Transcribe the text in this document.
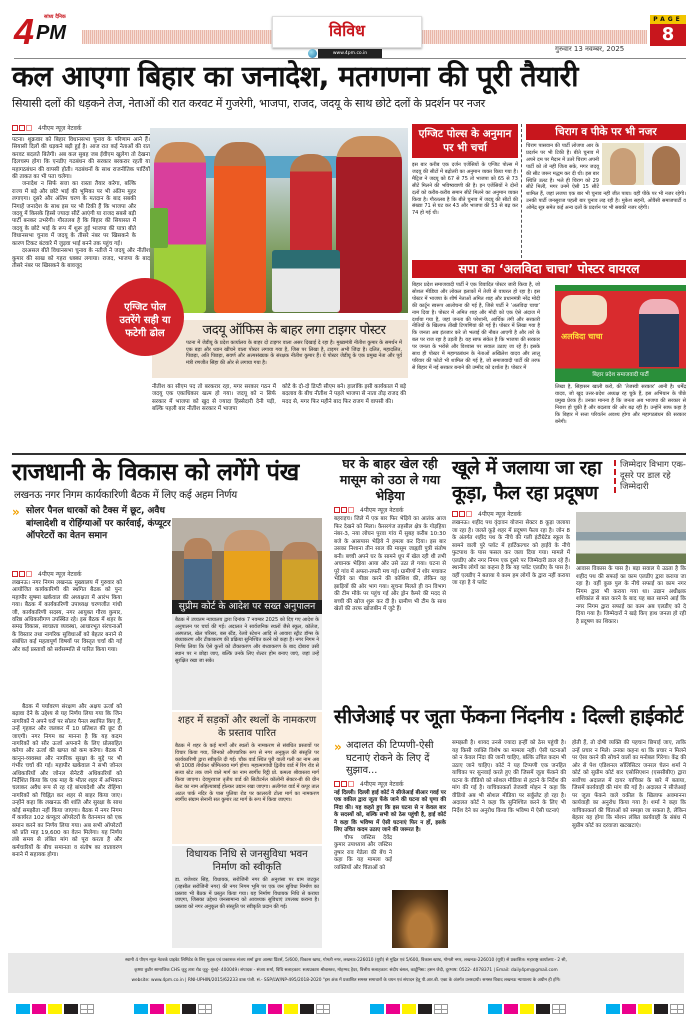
सांध्य दैनिक
4 PM	विविध
www.4pm.co.in
गुरुवार 13 नवम्बर, 2025
PAGE
8
कल आएगा बिहार का जनादेश, मतगणना की पूरी तैयारी
सियासी दलों की धड़कने तेज, नेताओं की रात करवट में गुजरेगी, भाजपा, राजद, जदयू के साथ छोटे दलों के प्रदर्शन पर नजर
4पीएम न्यूज़ नेटवर्क

पटना। शुक्रवार को बिहार विधानसभा चुनाव के परिणाम आने हैं। सियासी दिलों की धड़कने बढ़ी हुई है। आज रात कई नेताओं की रात करवट बदलते बितेगी। अब कल सुबह जब ईवीएम खुलेगा तो देखना दिलचस्प होगा कि एनडीए गठबंधन की सरकार बरकरार रहती या महागठबंधन की वापसी होती। गठबंधनों के साथ राजनीतिक पार्टियों की ताकत का भी पता चलेगा।

जनादेश न सिर्फ सत्ता का रास्ता तैयार करेगा, बल्कि राज्य में बड़े और छोटे भाई की भूमिका पर भी अंतिम मुहर लगाएगा। दूसरे और अंतिम चरण के मतदान के बाद सबकी निगाहें जनादेश के साथ इस पर भी टिकी हैं कि भाजपा और जदयू में किसके हिस्से ज्यादा सीटें आएंगी या राजद सबसे बड़ी पार्टी बनकर उभरेगी। गौरतलब है कि बिहार की सियासत में जदयू के छोटे भाई के रूप में शुरू हुई भाजपा की यात्रा बीते विधानसभा चुनाव में जदयू के तीसरे नंबर पर खिसकने के कारण टिकट बंटवारे में जुड़वा भाई बनने तक पहुंच गई।

दरअसल बीते विधानसभा चुनाव के नतीजे ने जदयू और नीतीश कुमार की साख को गहरा धक्का लगाया। राजद, भाजपा के बाद तीसरे नंबर पर खिसकने के बावजूद

जदयू ऑफिस के बाहर लगा टाइगर पोस्टर

पटना में जेडीयू के प्रदेश कार्यालय के बाहर दो टाइगर वाला असर दिखाई दे रहा है। मुख्यमंत्री नीतीश कुमार के समर्थन में एक बड़ा और ध्यान खींचने वाला पोस्टर लगाया गया है, जिस पर लिखा है, टाइगर अभी जिंदा है। दलित, महादलित, पिछड़ा, अति पिछड़ा, सवर्ण और अल्पसंख्यक के संरक्षक नीतीश कुमार हैं। ये पोस्टर जेडीयू के एक प्रमुख नेता और पूर्व मंत्री रणजीत सिंहा की ओर से लगाया गया है।

एग्जिट पोल उतरेंगे सही या फटेगी ढोल

नीतीश का सीएम पद तो बरकरार रहा, मगर सरकार गठन में जदयू एक एकाधिकार खत्म हो गया। जदयू को न सिर्फ सरकार में भाजपा को खुद से ज्यादा हिस्सेदारी देनी पड़ी, बल्कि पहली बार नीतीश सरकार में भाजपा

कोटे के दो-दो डिप्टी सीएम बने। हालांकि इसी कार्यकाल में बड़े बदलाव के बीच नीतीश ने पहले भाजपा से नाता तोड़ राजद की मदद से, मगर फिर महीने बाद फिर राजग में वापसी की।

एग्जिट पोल्स के अनुमान पर भी चर्चा

इस बार करीब एक दर्जन एजेंसियों के एग्जिट पोल्स में जदयू की सीटों में बढ़ोतरी का अनुमान व्यक्त किया गया है। मैट्रिज ने जदयू को 67 से 75 तो भाजपा को 65 से 73 सीटें मिलने की भविष्यवाणी की है। इन एजेंसियों ने दोनों दलों को करीब-करीब समान सीटें मिलने का अनुमान व्यक्त किया है। गौरतलब है कि बीते चुनाव में जदयू की सीटों की संख्या 71 से घट कर 43 और भाजपा की 53 से बढ़ कर 74 हो गई थी।

चिराग व पीके पर भी नजर

चिराग पासवान की पार्टी लोजपा आर के प्रदर्शन पर भी टिकी है। बीते चुनाव में अपने दम पर मैदान में उतरे चिराग अपनी पार्टी को तो नहीं जिता सके, मगर जदयू की सीट जरूर मद्धम कर दी थी। इस बार स्थिति उलट है। भले ही चिराग को 29 सीटें मिलीं, मगर उनमें ऐसी 15 सीटें शामिल हैं, जहां लजपा एक बार भी चुनाव नहीं जीत पाया। वहीं पीके पर भी नजर रहेगी। उनकी पार्टी जनसुराज पहली बार चुनाव लड़ रही है। मुकेश सहनी, ओवैसी समाजपार्टी व ओमेंद्र सूत्र समेत कई अन्य दलों के प्रदर्शन पर भी सबकी नजर रहेगी।

सपा का ‘अलविदा चाचा’ पोस्टर वायरल

बिहार प्रदेश समाजवादी पार्टी ने एक विवादित पोस्टर जारी किया है, जो सोशल मीडिया और लोकल इलाकों में तेजी से वायरल हो रहा है। इस पोस्टर में भाजपा के शीर्ष नेताओं अमित शाह और प्रधानमंत्री नरेंद्र मोदी की कार्टून स्वरूप आलोचना की गई है, जिसे पार्टी ने ‘अलविदा चाचा’ नाम दिया है। पोस्टर में अमित शाह और मोदी को एक ऐसे अंदाज में दर्शाया गया है, जहां जनता की परेशानी, आर्थिक तंगी और सरकारी नीतियों के खिलाफ तीखी टिप्पणियां की गई हैं। पोस्टर में लिखा गया है कि जनता अब इंतजार करे तो भलाई की नौबत आएगी है और तारे के बल पर राज रहा है उड़ती है। यह साफ संकेत है कि भाजपा की सरकार पर जनता के भरोसे और विश्वास पर सवाल उठाए जा रहे हैं। इसके साथ ही पोस्टर में महागठबंधन के नेताओं अखिलेश यादव और लालू परिवार की फोटो भी शामिल की गई है, जो समाजवादी पार्टी की तरफ से बिहार में नई सरकार बनाने की उम्मीद को दर्शाता है। पोस्टर में

अलविदा चाचा
बिहार प्रदेश समाजवादी पार्टी

लिखा है, सिंहासन खाली करो, की ‘तेजस्वी सरकार’ आनी है। धर्मेंद्र यादव, जो खुद उत्तर-प्रदेश अध्यक्ष रह चुके हैं, इस अभियान के पीछे प्रमुख प्रेरक हैं। उनका मानना है कि जनता अब भाजपा की सरकार से निराश हो चुकी है और बदलाव की ओर बढ़ रही है। उन्होंने साफ कहा है कि बिहार में सत्ता परिवर्तन अवश्य होगा और महागठबंधन की सरकार बनेगी।

राजधानी के विकास को लगेंगे पंख
लखनऊ नगर निगम कार्यकारिणी बैठक में लिए कई अहम निर्णय
» सोलर पैनल धारकों को टैक्स में छूट, अवैध बांग्लादेशी व रोहिंग्याओं पर कार्रवाई, कंप्यूटर ऑपरेटरों का वेतन समान
4पीएम न्यूज़ नेटवर्क

लखनऊ। नगर निगम लखनऊ मुख्यालय में गुरुवार को आयोजित कार्यकारिणी की स्थगित बैठक को पुनः महापौर सुषमा खर्कवाल की अध्यक्षता में आरंभ किया गया। बैठक में कार्यकारिणी उपाध्यक्ष चरणजीत गांधी जी, कार्यकारिणी सदस्य, नगर आयुक्त गौरव कुमार, वरिष्ठ अधिकारीगण उपस्थित रहे। इस बैठक में शहर के समग्र विकास, स्वच्छता व्यवस्था, आधारभूत संरचनाओं के विस्तार तथा नागरिक सुविधाओं को बेहतर बनाने से संबंधित कई महत्वपूर्ण विषयों पर विस्तृत चर्चा की गई और कई प्रस्तावों को सर्वसम्मति से पारित किया गया।

बैठक में पर्यावरण संरक्षण और अक्षय ऊर्जा को बढ़ावा देने के उद्देश्य से यह निर्णय लिया गया कि जिन नागरिकों ने अपने घरों पर सोलर पैनल स्थापित किए हैं, उन्हें गृहकर और जलकर में 10 प्रतिशत की छूट दी जाएगी। नगर निगम का मानना है कि यह कदम नागरिकों को सौर ऊर्जा अपनाने के लिए प्रोत्साहित करेगा और ऊर्जा की खपत को कम करेगा। बैठक में कानून-व्यवस्था और नागरिक सुरक्षा के मुद्दे पर भी गंभीर चर्चा की गई। महापौर खर्कवाल ने सभी जोनल अधिकारियों और जोनल सेनेटरी अधिकारियों को निर्देशित किया कि एक माह के भीतर शहर में अभियान चलाकर अवैध रूप से रह रहे बांग्लादेशी और रोहिंग्या नागरिकों को चिह्नित कर शहर से बाहर किया जाए। उन्होंने कहा कि लखनऊ की शांति और सुरक्षा के साथ कोई समझौता नहीं किया जाएगा। बैठक में नगर निगम में कार्यरत 102 कंप्यूटर ऑपरेटरों के वेतनमान को एक समान करने का निर्णय लिया गया। अब सभी ऑपरेटरों को प्रति माह 19,600 का वेतन मिलेगा। यह निर्णय लंबे समय से लंबित मांग को पूरा करता है और कर्मचारियों के बीच समानता व संतोष का वातावरण बनाने में सहायक होगा।

सुप्रीम कोर्ट के आदेश पर सख्त अनुपालन

बैठक में उच्चतम न्यायालय द्वारा दिनांक 7 नवम्बर 2025 को दिए गए आदेश के अनुपालन पर चर्चा की गई। अदालत ने सार्वजनिक स्थलों जैसे स्कूल, कॉलेज, अस्पताल, खेल परिसर, बस स्टैंड, रेलवे स्टेशन आदि से आवारा स्ट्रीट डॉग्स के बंध्याकरण और टीकाकरण की प्रक्रिया सुनिश्चित करने को कहा है। नगर निगम ने निर्णय लिया कि ऐसे कुत्तों को टीकाकरण और बंध्याकरण के बाद दोबारा उसी स्थान पर न छोड़ा जाए, बल्कि उनके लिए शेल्टर होम बनाए जाएं, जहां उन्हें सुरक्षित रखा जा सके।

शहर में सड़कों और स्थलों के नामकरण के प्रस्ताव पारित

बैठक में शहर के कई मार्गों और स्थलों के नामकरण से संबंधित प्रस्तावों पर विचार किया गया, जिनको औपचारिक रूप से नगर अनुकूल की संस्तुति पर कार्यकारिणी द्वारा स्वीकृति दी गई। चौक वार्ड स्थित पुरी वाली गली का नाम अब श्री 1008 तीर्थंकर श्रीमितराय मार्ग होगा। महात्मागांधी द्वितीय वार्ड में रिंग रोड से सत्या स्टेट तक जाने वाले मार्ग का नाम स्वर्गीय रिट्ठी प्रो. कमला श्रीवास्तव मार्ग किया जाएगा। देवपुरवाज तृतीय वार्ड की सिटीटर्नल कॉलोनी सेक्टर-बी की ग्रीन बेल्ट का नाम अहिल्याबाई होल्कर उद्यान रखा जाएगा। अलीगंज वार्ड में कपूर ताल अटल पार्क नदिर के पास पुलिया रोड पर कालरती टोला मार्ग का नामकरण स्वर्गीय संग्राम सेनानी सत कुमार तट मार्ग के रूप में किया जाएगा।

विधायक निधि से जनसुविधा भवन निर्माण को स्वीकृति

डा. राजेश्वर सिंह, विधायक, सरोजिनी नगर की अनुशंसा पर ग्राम जटकुर (तहसील सरोजिनी नगर) की नगर निगम भूमि पर एक जन सुविधा निर्माण का प्रस्ताव भी बैठक में प्रस्तुत किया गया। यह निर्माण विधायक निधि से कराया जाएगा, जिसका उद्देश्य जनसामान्य को आवश्यक सुविधाएं उपलब्ध कराना है। प्रस्ताव को नगर अनुकूल की संस्तुति पर स्वीकृति प्रदान की गई।

घर के बाहर खेल रही मासूम को उठा ले गया भेड़िया
4पीएम न्यूज़ नेटवर्क

बहराइच। जिले में एक बार फिर भेड़िये का आतंक आज फिर देखने को मिला। कैसरगंज तहसील क्षेत्र के गोड़हिया नंबर-3, नया लोघन पुरवा गांव में सुबह करीब 10:30 बजे के आसपास भेड़िये ने हमला कर दिया। इस बार उसका निशाना तीन साल की मासूम जाह्नवी पुत्री संतोष बनी। बच्ची अपने घर के सामने धूप में खेल रही थी तभी अचानक भेड़िया आया और उसे उठा ले गया। घटना से पूरे गांव में अफरा-तफरी मच गई। ग्रामीणों ने शोर मचाकर भेड़िये का पीछा करने की कोशिश की, लेकिन वह झाड़ियों की ओर भाग गया। सूचना मिलते ही वन विभाग की टीम मौके पर पहुंच गई और ड्रोन कैमरे की मदद से बच्ची की खोज शुरू कर दी है। ग्रामीण भी टीम के साथ खेतों की तरफ खोजबीन में जुटे हैं।

खूले में जलाया जा रहा कूड़ा, फैल रहा प्रदूषण
जिम्मेदार विभाग एक-दूसरे पर डाल रहे जिम्मेदारी
4पीएम न्यूज़ नेटवर्क

लखनऊ। शहीद पथ वृंदावन योजना सेक्टर 8 कूड़ा जलाया जा रहा है। जलते कूड़े शहर में प्रदूषण फैला रहा है। जोन 8 के अंतर्गत शहीद पथ के नीचे की गली इंटीग्रेटेड स्कूल के सामने वाली पुरे प्लॉट में हार्टिकल्चर को हाईवे के नीचे फुटपाथ के पास फसल कर जला दिया गया। मामले में एलडीए और नगर निगम एक दूसरे पर जिम्मेदारी डाल रहे हैं। स्थानीय लोगों का कहना है कि यह प्लॉट एलडीए के पास है। वहीं एलडीए ने बताया ये काम हम लोगों के द्वारा नहीं कराया जा रहा है ये प्लॉट

आवास विकास के पास है। बड़ा सवाल ये उठता है कि शहीद पथ की सफाई का काम एलडीए द्वारा कराया जा रहा है। वहीं कुछ पुल के नीचे सफाई का काम नगर निगम द्वारा भी कराया गया था। उद्यान अधीक्षक शशिकांत से बात करने के बाद यह बात सामने आई कि नगर निगम द्वारा सफाई का काम अब एलडीए को दे दिया गया है। जिम्मेदारों ने खड़े किए हाथ जनता हो रही है प्रदूषण का शिकार।

सीजेआई पर जूता फेंकना निंदनीय : दिल्ली हाईकोर्ट
» अदालत की टिप्पणी-ऐसी घटनाएं रोकने के लिए दें सुझाव...
4पीएम न्यूज़ नेटवर्क

नई दिल्ली। दिल्ली हाई कोर्ट ने सीजेआई बीआर गवई पर एक वकील द्वारा जूता फेंके जाने की घटना को घृणा की निंदा की। यह कहते हुए कि इस घटना से न केवल बार के सदस्यों को, बल्कि सभी को ठेस पहुंची है, हाई कोर्ट ने कहा कि भविष्य में ऐसी घटनाएं फिर न हों, इसके लिए उचित कदम उठाए जाने की जरूरत है।

चीफ जस्टिस देवेंद्र कुमार उपाध्याय और जस्टिस तुषार राव गेडेला की बेंच ने कहा कि यह मामला कई व्यक्तियों और चिंताओं को

समझती है। शायद उनसे ज्यादा इन्हीं को ठेस पहुंची है। यह किसी व्यक्ति विशेष का मामला नहीं। ऐसी घटनाओं को न केवल निंदा की जानी चाहिए, बल्कि उचित कदम भी उठाए जाने चाहिए। कोर्ट ने यह टिप्पणी एक जनहित याचिका पर सुनवाई करते हुए की जिसमें जूता फेंकने की घटना के वीडियो को सोशल मीडिया से हटाने के निर्देश की मांग की गई है। याचिकाकर्ता तेजस्वी मोहन ने कहा कि वीडियो अब भी सोशल मीडिया पर सर्कुलेट हो रहा है। अदालत कोर्ट ने कहा कि सुनिश्चित करने के लिए भी निर्देश देने का अनुरोध किया कि भविष्य में ऐसी घटनाएं

होती हैं, तो दोषी व्यक्ति की पहचान छिपाई जाए, ताकि उन्हें प्रचार न मिले। उनका कहना था कि प्रचार न मिलने पर ऐसा करने की सोचने वालों का मनोबल गिरेगा। केंद्र की ओर से पेश एडिशनल सॉलिसिटर जनरल चेतन शर्मा ने कोर्ट को सुप्रीम कोर्ट बार एसोसिएशन (एससीबीए) द्वारा सर्वोच्च अदालत में दायर याचिका के बारे में बताया, जिसमें कार्यवाही की मांग की गई है। अदालत ने सीजेआई पर जूता फेंकने वाले वकील के खिलाफ अवमानना कार्यवाही का अनुरोध किया गया है। शर्मा ने कहा कि याचिकाकर्ता की चिंताओं को समझा जा सकता है, लेकिन बेहतर यह होगा कि मोशन लंबित कार्यवाही के संबंध में सुप्रीम कोर्ट का दरवाजा खटखटाएं।

स्वामी 4 पीएम न्यूज़ नेटवर्क प्राइवेट लिमिटेड के लिए मुद्रक एवं प्रकाशक संजय शर्मा द्वारा आस्था प्रिंटर्स, 5/600, विकास खण्ड, गोमती नगर, लखनऊ-226010 (यूपी) से मुद्रित एवं 5/600, विकास खण्ड, गोमती नगर, लखनऊ-226010 (यूपी) से प्रकाशित। महाराष्ट्र कार्यालय:- 2 सी,
कृष्णा कुटीर सामाजिक CHS जुहू तारा रोड जुहू- मुंबई- 400049। संपादक - संजय शर्मा, विधि सलाहकार: सत्यप्रकाश श्रीवास्तव, मोहम्मद हैदर, वित्तीय सलाहकार: संदीप बंसल, कार्टूनिस्ट: हसन जैदी, दूरभाष: 0522- 4078371 | Email: daily4pm@gmail.com
website: www.4pm.co.in | RNI-UPHIN/2015/62233 डाक पंजी. सं.- SSP/LW/NP-495/2018-2020 "इस अंक में प्रकाशित समस्त समाचारों के चयन एवं संपादन हेतु पी.आर.बी. एक्ट के अंतर्गत उत्तरदायी। समस्त विवाद लखनऊ न्यायालय के अधीन ही होंगे।
